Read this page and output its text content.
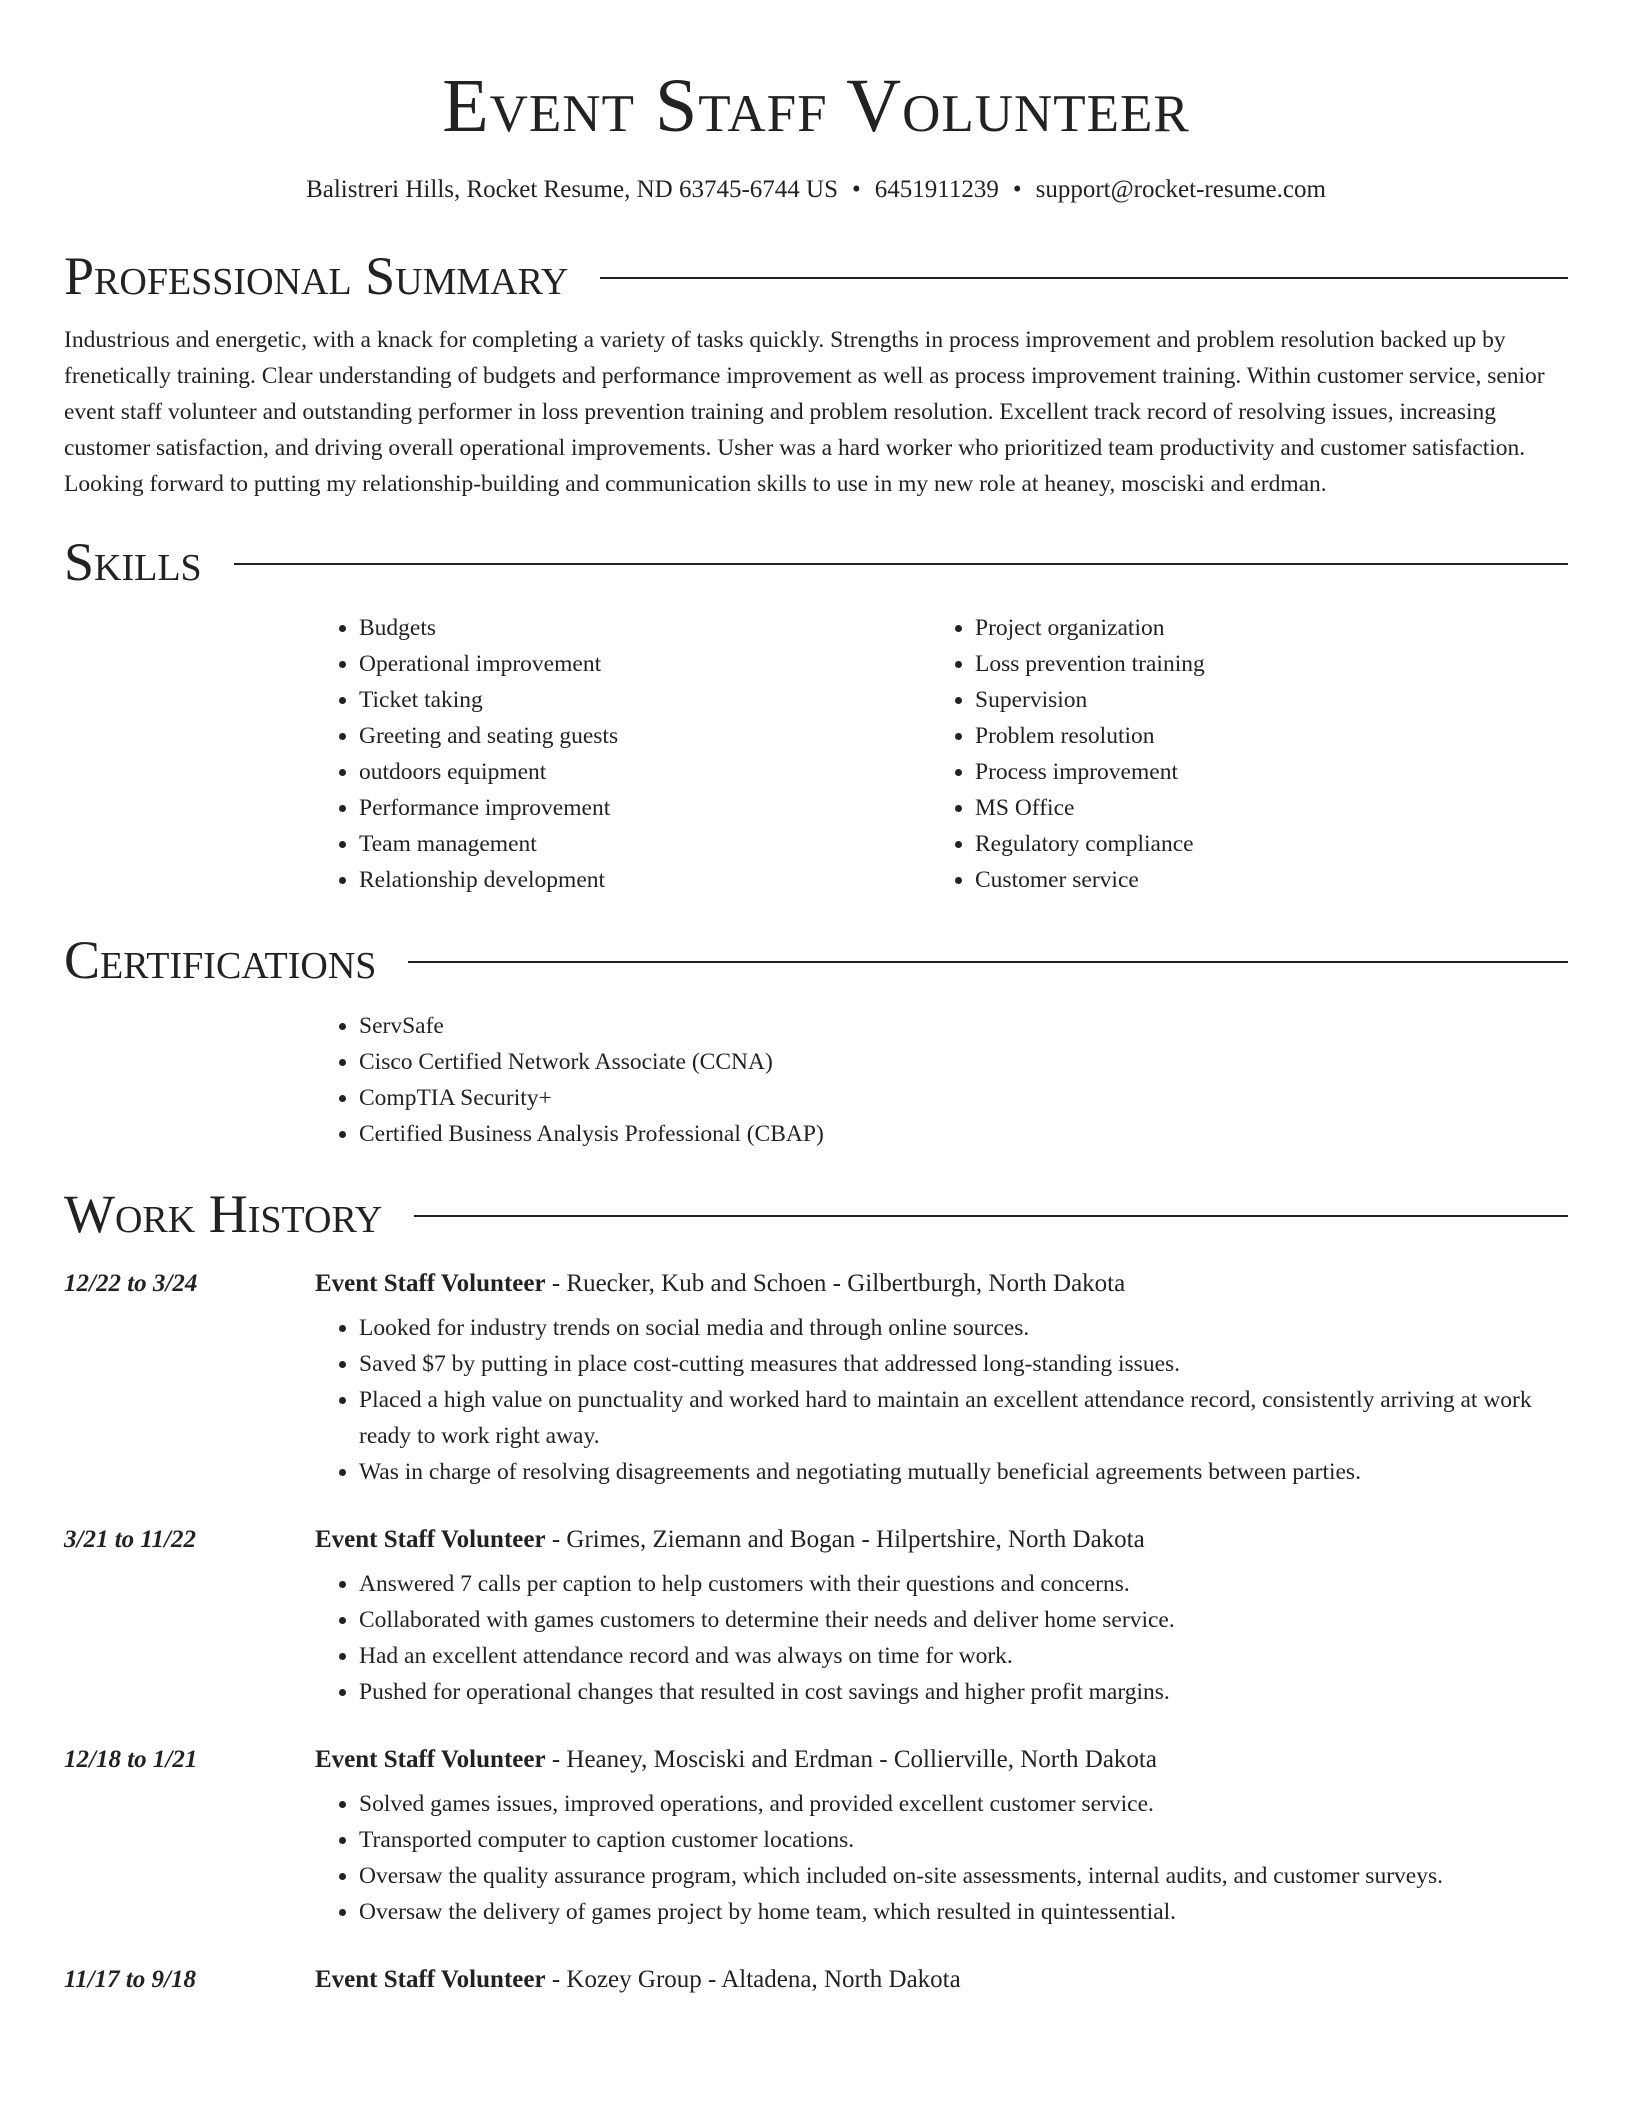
Event Staff Volunteer
Balistreri Hills, Rocket Resume, ND 63745-6744 US • 6451911239 • support@rocket-resume.com
Professional Summary

Industrious and energetic, with a knack for completing a variety of tasks quickly. Strengths in process improvement and problem resolution backed up by frenetically training. Clear understanding of budgets and performance improvement as well as process improvement training. Within customer service, senior event staff volunteer and outstanding performer in loss prevention training and problem resolution. Excellent track record of resolving issues, increasing customer satisfaction, and driving overall operational improvements. Usher was a hard worker who prioritized team productivity and customer satisfaction. Looking forward to putting my relationship-building and communication skills to use in my new role at heaney, mosciski and erdman.

Skills
• Budgets
• Operational improvement
• Ticket taking
• Greeting and seating guests
• outdoors equipment
• Performance improvement
• Team management
• Relationship development
• Project organization
• Loss prevention training
• Supervision
• Problem resolution
• Process improvement
• MS Office
• Regulatory compliance
• Customer service
Certifications
• ServSafe
• Cisco Certified Network Associate (CCNA)
• CompTIA Security+
• Certified Business Analysis Professional (CBAP)
Work History
12/22 to 3/24	Event Staff Volunteer - Ruecker, Kub and Schoen - Gilbertburgh, North Dakota
• Looked for industry trends on social media and through online sources.
• Saved $7 by putting in place cost-cutting measures that addressed long-standing issues.
• Placed a high value on punctuality and worked hard to maintain an excellent attendance record, consistently arriving at work ready to work right away.
• Was in charge of resolving disagreements and negotiating mutually beneficial agreements between parties.
3/21 to 11/22	Event Staff Volunteer - Grimes, Ziemann and Bogan - Hilpertshire, North Dakota
• Answered 7 calls per caption to help customers with their questions and concerns.
• Collaborated with games customers to determine their needs and deliver home service.
• Had an excellent attendance record and was always on time for work.
• Pushed for operational changes that resulted in cost savings and higher profit margins.
12/18 to 1/21	Event Staff Volunteer - Heaney, Mosciski and Erdman - Collierville, North Dakota
• Solved games issues, improved operations, and provided excellent customer service.
• Transported computer to caption customer locations.
• Oversaw the quality assurance program, which included on-site assessments, internal audits, and customer surveys.
• Oversaw the delivery of games project by home team, which resulted in quintessential.
11/17 to 9/18	Event Staff Volunteer - Kozey Group - Altadena, North Dakota
